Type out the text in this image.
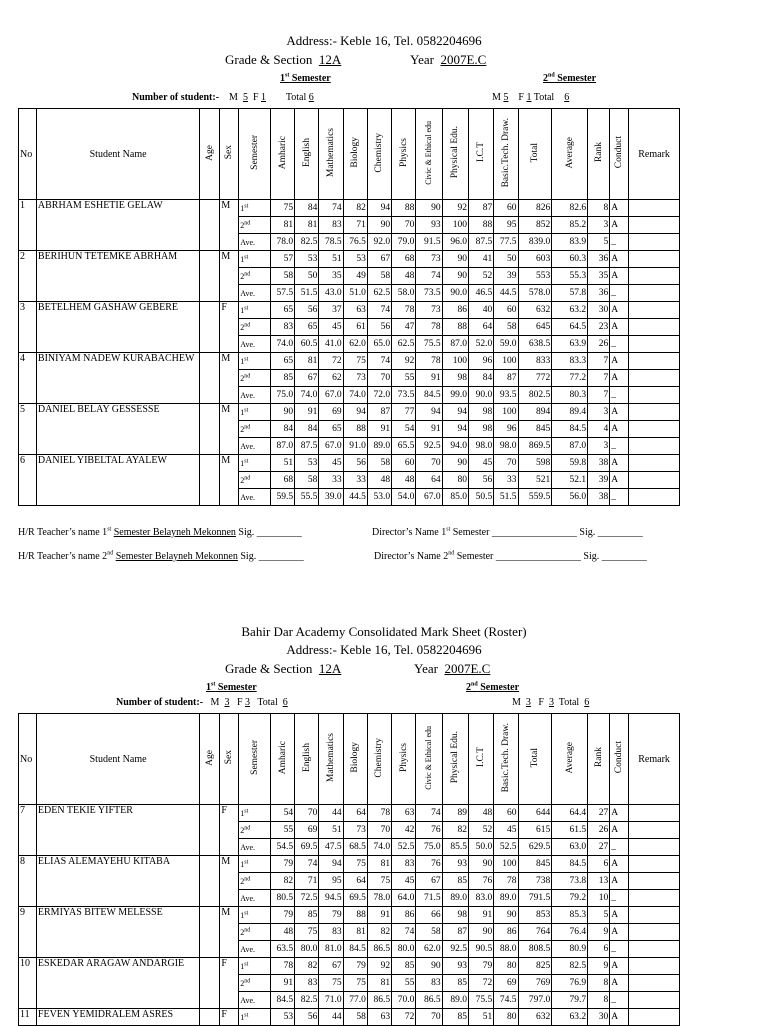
Address:- Keble 16, Tel. 0582204696
Grade & Section 12A	Year 2007E.C
1st Semester	2nd Semester
Number of student:- M 5 F 1 Total 6	M 5 F 1 Total 6
No	Student Name	Age	Sex	Semester	Amharic	English	Mathematics	Biology	Chemistry	Physics	Civic & Ethical edu	Physical Edu.	I.C.T	Basic.Tech. Draw.	Total	Average	Rank	Conduct	Remark
1	ABRHAM ESHETIE GELAW		M	1st	75	84	74	82	94	88	90	92	87	60	826	82.6	8	A	
				2nd	81	81	83	71	90	70	93	100	88	95	852	85.2	3	A	
				Ave.	78.0	82.5	78.5	76.5	92.0	79.0	91.5	96.0	87.5	77.5	839.0	83.9	5	_	
2	BERIHUN TETEMKE ABRHAM		M	1st	57	53	51	53	67	68	73	90	41	50	603	60.3	36	A	
				2nd	58	50	35	49	58	48	74	90	52	39	553	55.3	35	A	
				Ave.	57.5	51.5	43.0	51.0	62.5	58.0	73.5	90.0	46.5	44.5	578.0	57.8	36	_	
3	BETELHEM GASHAW GEBERE		F	1st	65	56	37	63	74	78	73	86	40	60	632	63.2	30	A	
				2nd	83	65	45	61	56	47	78	88	64	58	645	64.5	23	A	
				Ave.	74.0	60.5	41.0	62.0	65.0	62.5	75.5	87.0	52.0	59.0	638.5	63.9	26	_	
4	BINIYAM NADEW KURABACHEW		M	1st	65	81	72	75	74	92	78	100	96	100	833	83.3	7	A	
				2nd	85	67	62	73	70	55	91	98	84	87	772	77.2	7	A	
				Ave.	75.0	74.0	67.0	74.0	72.0	73.5	84.5	99.0	90.0	93.5	802.5	80.3	7	_	
5	DANIEL BELAY GESSESSE		M	1st	90	91	69	94	87	77	94	94	98	100	894	89.4	3	A	
				2nd	84	84	65	88	91	54	91	94	98	96	845	84.5	4	A	
				Ave.	87.0	87.5	67.0	91.0	89.0	65.5	92.5	94.0	98.0	98.0	869.5	87.0	3	_	
6	DANIEL YIBELTAL AYALEW		M	1st	51	53	45	56	58	60	70	90	45	70	598	59.8	38	A	
				2nd	68	58	33	33	48	48	64	80	56	33	521	52.1	39	A	
				Ave.	59.5	55.5	39.0	44.5	53.0	54.0	67.0	85.0	50.5	51.5	559.5	56.0	38	_	
H/R Teacher’s name 1st Semester Belayneh Mekonnen Sig. _________	Director’s Name 1st Semester _________________ Sig. _________
H/R Teacher’s name 2nd Semester Belayneh Mekonnen Sig. _________	Director’s Name 2nd Semester _________________ Sig. _________
Bahir Dar Academy Consolidated Mark Sheet (Roster)
Address:- Keble 16, Tel. 0582204696
Grade & Section 12A	Year 2007E.C
1st Semester	2nd Semester
Number of student:- M 3 F 3 Total 6	M 3 F 3 Total 6
No	Student Name	Age	Sex	Semester	Amharic	English	Mathematics	Biology	Chemistry	Physics	Civic & Ethical edu	Physical Edu.	I.C.T	Basic.Tech. Draw.	Total	Average	Rank	Conduct	Remark
7	EDEN TEKIE YIFTER		F	1st	54	70	44	64	78	63	74	89	48	60	644	64.4	27	A	
				2nd	55	69	51	73	70	42	76	82	52	45	615	61.5	26	A	
				Ave.	54.5	69.5	47.5	68.5	74.0	52.5	75.0	85.5	50.0	52.5	629.5	63.0	27	_	
8	ELIAS ALEMAYEHU KITABA		M	1st	79	74	94	75	81	83	76	93	90	100	845	84.5	6	A	
				2nd	82	71	95	64	75	45	67	85	76	78	738	73.8	13	A	
				Ave.	80.5	72.5	94.5	69.5	78.0	64.0	71.5	89.0	83.0	89.0	791.5	79.2	10	_	
9	ERMIYAS BITEW MELESSE		M	1st	79	85	79	88	91	86	66	98	91	90	853	85.3	5	A	
				2nd	48	75	83	81	82	74	58	87	90	86	764	76.4	9	A	
				Ave.	63.5	80.0	81.0	84.5	86.5	80.0	62.0	92.5	90.5	88.0	808.5	80.9	6	_	
10	ESKEDAR ARAGAW ANDARGIE		F	1st	78	82	67	79	92	85	90	93	79	80	825	82.5	9	A	
				2nd	91	83	75	75	81	55	83	85	72	69	769	76.9	8	A	
				Ave.	84.5	82.5	71.0	77.0	86.5	70.0	86.5	89.0	75.5	74.5	797.0	79.7	8	_	
11	FEVEN YEMIDRALEM ASRES		F	1st	53	56	44	58	63	72	70	85	51	80	632	63.2	30	A	
